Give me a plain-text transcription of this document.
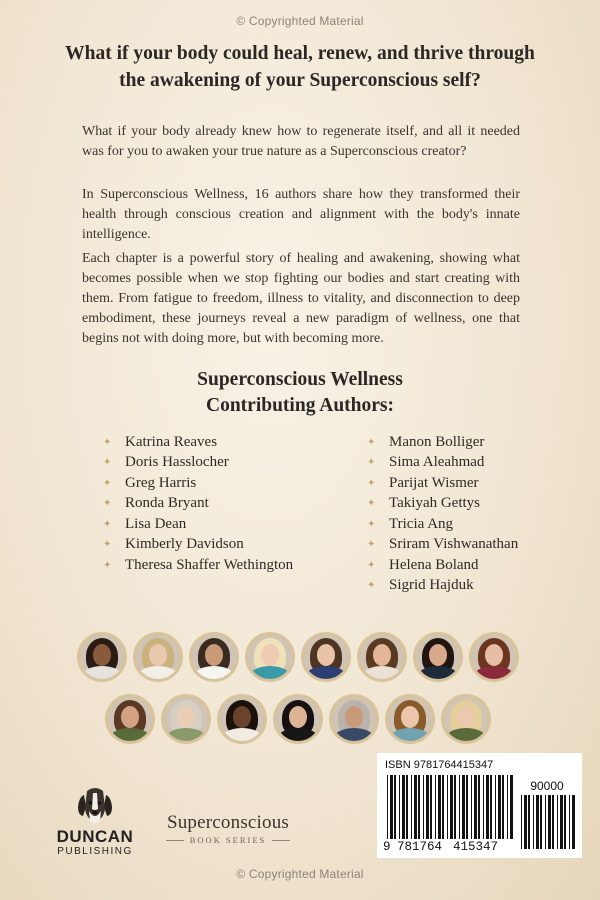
© Copyrighted Material
What if your body could heal, renew, and thrive through the awakening of your Superconscious self?

What if your body already knew how to regenerate itself, and all it needed was for you to awaken your true nature as a Superconscious creator?

In Superconscious Wellness, 16 authors share how they transformed their health through conscious creation and alignment with the body's innate intelligence.

Each chapter is a powerful story of healing and awakening, showing what becomes possible when we stop fighting our bodies and start creating with them. From fatigue to freedom, illness to vitality, and disconnection to deep embodiment, these journeys reveal a new paradigm of wellness, one that begins not with doing more, but with becoming more.

Superconscious Wellness
Contributing Authors:
✦ Katrina Reaves
✦ Doris Hasslocher
✦ Greg Harris
✦ Ronda Bryant
✦ Lisa Dean
✦ Kimberly Davidson
✦ Theresa Shaffer Wethington
✦ Manon Bolliger
✦ Sima Aleahmad
✦ Parijat Wismer
✦ Takiyah Gettys
✦ Tricia Ang
✦ Sriram Vishwanathan
✦ Helena Boland
✦ Sigrid Hajduk
DUNCAN
PUBLISHING
Superconscious
BOOK SERIES
ISBN 9781764415347
90000
9 781764 415347
© Copyrighted Material
